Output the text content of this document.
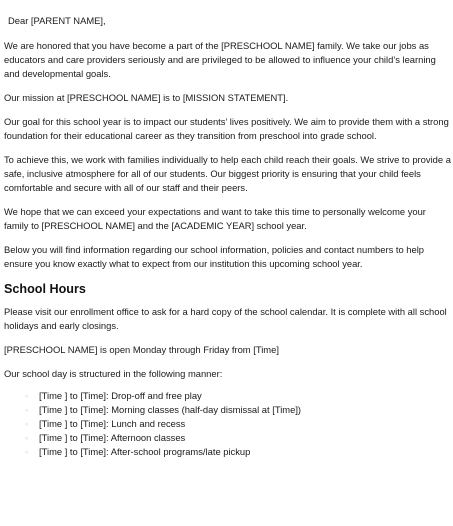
Dear [PARENT NAME],

We are honored that you have become a part of the [PRESCHOOL NAME] family. We take our jobs as educators and care providers seriously and are privileged to be allowed to influence your child’s learning and developmental goals.

Our mission at [PRESCHOOL NAME] is to [MISSION STATEMENT].

Our goal for this school year is to impact our students’ lives positively. We aim to provide them with a strong foundation for their educational career as they transition from preschool into grade school.

To achieve this, we work with families individually to help each child reach their goals. We strive to provide a safe, inclusive atmosphere for all of our students. Our biggest priority is ensuring that your child feels comfortable and secure with all of our staff and their peers.

We hope that we can exceed your expectations and want to take this time to personally welcome your family to [PRESCHOOL NAME] and the [ACADEMIC YEAR] school year.

Below you will find information regarding our school information, policies and contact numbers to help ensure you know exactly what to expect from our institution this upcoming school year.

School Hours

Please visit our enrollment office to ask for a hard copy of the school calendar. It is complete with all school holidays and early closings.

[PRESCHOOL NAME] is open Monday through Friday from [Time]

Our school day is structured in the following manner:

◦ [Time ] to [Time]: Drop-off and free play
◦ [Time ] to [Time]: Morning classes (half-day dismissal at [Time])
◦ [Time ] to [Time]: Lunch and recess
◦ [Time ] to [Time]: Afternoon classes
◦ [Time ] to [Time]: After-school programs/late pickup
